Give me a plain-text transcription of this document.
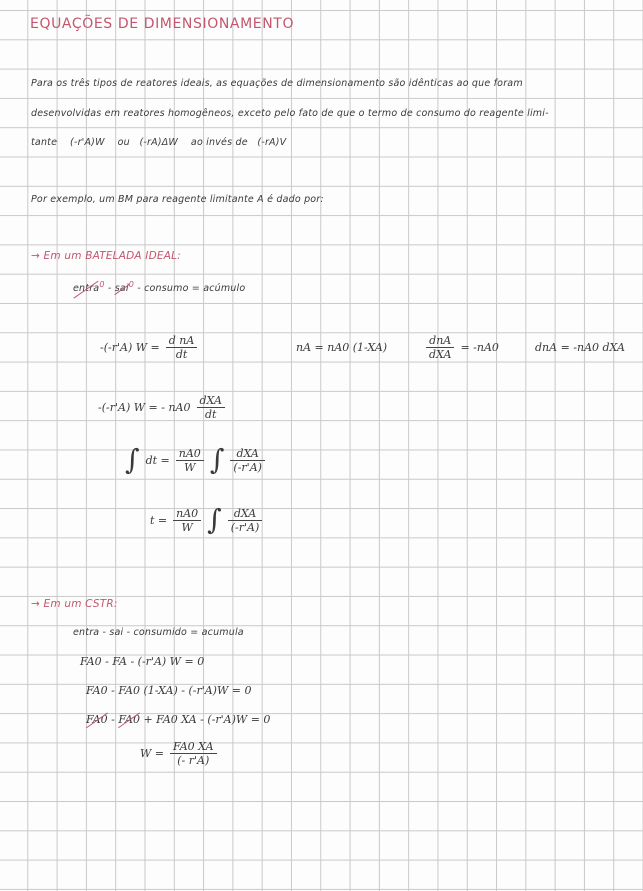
EQUAÇÕES DE DIMENSIONAMENTO
Para os três tipos de reatores ideais, as equações de dimensionamento são idênticas ao que foram
desenvolvidas em reatores homogêneos, exceto pelo fato de que o termo de consumo do reagente limi-
tante (-r'A)W ou (-rA)ΔW ao invés de (-rA)V
Por exemplo, um BM para reagente limitante A é dado por:
→ Em um BATELADA IDEAL:
entra$^0$ - sai$^0$ - consumo = acúmulo
-(-r'A) $W = \frac{\text{d nA}}{dt}$	nA = nA0 (1-XA)	$\frac{\text{dnA}}{\text{dXA}} = -nA0$	dnA = -nA0 dXA
-(-r'A) W = - $nA0 \frac{\text{dXA}}{dt}$
∫ dt = $\frac{nA0}{W}$ ∫ $\frac{\text{dXA}}{(-r'A)}$
$t = \frac{nA0}{W}$ ∫ $\frac{\text{dXA}}{(-r'A)}$
→ Em um CSTR:
entra - sai - consumido = acumula
FA0 - FA - (-r'A) W = 0
FA0 - FA0 (1-XA) - (-r'A)W = 0
FA0 - FA0 + FA0 XA - (-r'A)W = 0
$W = \frac{FA0 XA}{(- r'A)}$
